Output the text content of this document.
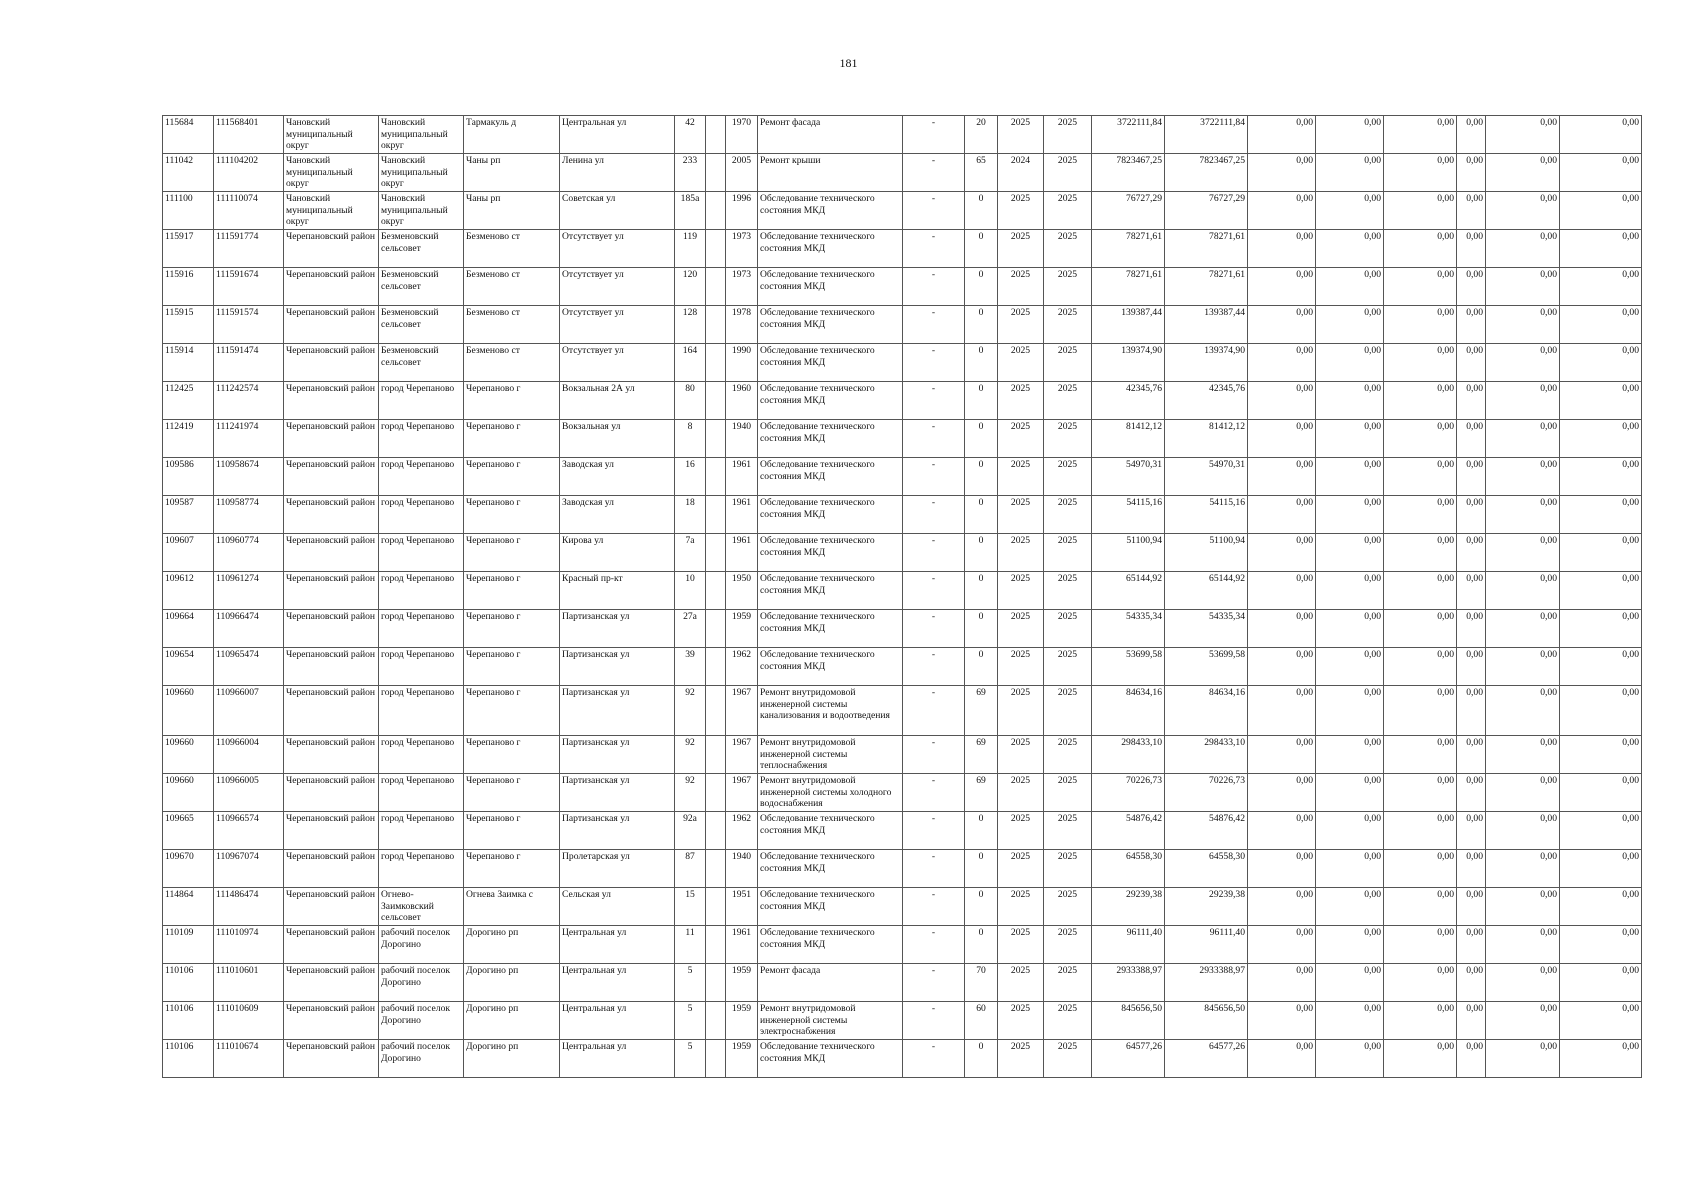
181
115684	111568401	Чановский муниципальный округ	Чановский муниципальный округ	Тармакуль д	Центральная ул	42		1970	Ремонт фасада	-	20	2025	2025	3722111,84	3722111,84	0,00	0,00	0,00	0,00	0,00	0,00
111042	111104202	Чановский муниципальный округ	Чановский муниципальный округ	Чаны рп	Ленина ул	233		2005	Ремонт крыши	-	65	2024	2025	7823467,25	7823467,25	0,00	0,00	0,00	0,00	0,00	0,00
111100	111110074	Чановский муниципальный округ	Чановский муниципальный округ	Чаны рп	Советская ул	185а		1996	Обследование технического состояния МКД	-	0	2025	2025	76727,29	76727,29	0,00	0,00	0,00	0,00	0,00	0,00
115917	111591774	Черепановский район	Безменовский сельсовет	Безменово ст	Отсутствует ул	119		1973	Обследование технического состояния МКД	-	0	2025	2025	78271,61	78271,61	0,00	0,00	0,00	0,00	0,00	0,00
115916	111591674	Черепановский район	Безменовский сельсовет	Безменово ст	Отсутствует ул	120		1973	Обследование технического состояния МКД	-	0	2025	2025	78271,61	78271,61	0,00	0,00	0,00	0,00	0,00	0,00
115915	111591574	Черепановский район	Безменовский сельсовет	Безменово ст	Отсутствует ул	128		1978	Обследование технического состояния МКД	-	0	2025	2025	139387,44	139387,44	0,00	0,00	0,00	0,00	0,00	0,00
115914	111591474	Черепановский район	Безменовский сельсовет	Безменово ст	Отсутствует ул	164		1990	Обследование технического состояния МКД	-	0	2025	2025	139374,90	139374,90	0,00	0,00	0,00	0,00	0,00	0,00
112425	111242574	Черепановский район	город Черепаново	Черепаново г	Вокзальная 2А ул	80		1960	Обследование технического состояния МКД	-	0	2025	2025	42345,76	42345,76	0,00	0,00	0,00	0,00	0,00	0,00
112419	111241974	Черепановский район	город Черепаново	Черепаново г	Вокзальная ул	8		1940	Обследование технического состояния МКД	-	0	2025	2025	81412,12	81412,12	0,00	0,00	0,00	0,00	0,00	0,00
109586	110958674	Черепановский район	город Черепаново	Черепаново г	Заводская ул	16		1961	Обследование технического состояния МКД	-	0	2025	2025	54970,31	54970,31	0,00	0,00	0,00	0,00	0,00	0,00
109587	110958774	Черепановский район	город Черепаново	Черепаново г	Заводская ул	18		1961	Обследование технического состояния МКД	-	0	2025	2025	54115,16	54115,16	0,00	0,00	0,00	0,00	0,00	0,00
109607	110960774	Черепановский район	город Черепаново	Черепаново г	Кирова ул	7а		1961	Обследование технического состояния МКД	-	0	2025	2025	51100,94	51100,94	0,00	0,00	0,00	0,00	0,00	0,00
109612	110961274	Черепановский район	город Черепаново	Черепаново г	Красный пр-кт	10		1950	Обследование технического состояния МКД	-	0	2025	2025	65144,92	65144,92	0,00	0,00	0,00	0,00	0,00	0,00
109664	110966474	Черепановский район	город Черепаново	Черепаново г	Партизанская ул	27а		1959	Обследование технического состояния МКД	-	0	2025	2025	54335,34	54335,34	0,00	0,00	0,00	0,00	0,00	0,00
109654	110965474	Черепановский район	город Черепаново	Черепаново г	Партизанская ул	39		1962	Обследование технического состояния МКД	-	0	2025	2025	53699,58	53699,58	0,00	0,00	0,00	0,00	0,00	0,00
109660	110966007	Черепановский район	город Черепаново	Черепаново г	Партизанская ул	92		1967	Ремонт внутридомовой инженерной системы канализования и водоотведения	-	69	2025	2025	84634,16	84634,16	0,00	0,00	0,00	0,00	0,00	0,00
109660	110966004	Черепановский район	город Черепаново	Черепаново г	Партизанская ул	92		1967	Ремонт внутридомовой инженерной системы теплоснабжения	-	69	2025	2025	298433,10	298433,10	0,00	0,00	0,00	0,00	0,00	0,00
109660	110966005	Черепановский район	город Черепаново	Черепаново г	Партизанская ул	92		1967	Ремонт внутридомовой инженерной системы холодного водоснабжения	-	69	2025	2025	70226,73	70226,73	0,00	0,00	0,00	0,00	0,00	0,00
109665	110966574	Черепановский район	город Черепаново	Черепаново г	Партизанская ул	92а		1962	Обследование технического состояния МКД	-	0	2025	2025	54876,42	54876,42	0,00	0,00	0,00	0,00	0,00	0,00
109670	110967074	Черепановский район	город Черепаново	Черепаново г	Пролетарская ул	87		1940	Обследование технического состояния МКД	-	0	2025	2025	64558,30	64558,30	0,00	0,00	0,00	0,00	0,00	0,00
114864	111486474	Черепановский район	Огнево-Заимковский сельсовет	Огнева Заимка с	Сельская ул	15		1951	Обследование технического состояния МКД	-	0	2025	2025	29239,38	29239,38	0,00	0,00	0,00	0,00	0,00	0,00
110109	111010974	Черепановский район	рабочий поселок Дорогино	Дорогино рп	Центральная ул	11		1961	Обследование технического состояния МКД	-	0	2025	2025	96111,40	96111,40	0,00	0,00	0,00	0,00	0,00	0,00
110106	111010601	Черепановский район	рабочий поселок Дорогино	Дорогино рп	Центральная ул	5		1959	Ремонт фасада	-	70	2025	2025	2933388,97	2933388,97	0,00	0,00	0,00	0,00	0,00	0,00
110106	111010609	Черепановский район	рабочий поселок Дорогино	Дорогино рп	Центральная ул	5		1959	Ремонт внутридомовой инженерной системы электроснабжения	-	60	2025	2025	845656,50	845656,50	0,00	0,00	0,00	0,00	0,00	0,00
110106	111010674	Черепановский район	рабочий поселок Дорогино	Дорогино рп	Центральная ул	5		1959	Обследование технического состояния МКД	-	0	2025	2025	64577,26	64577,26	0,00	0,00	0,00	0,00	0,00	0,00
